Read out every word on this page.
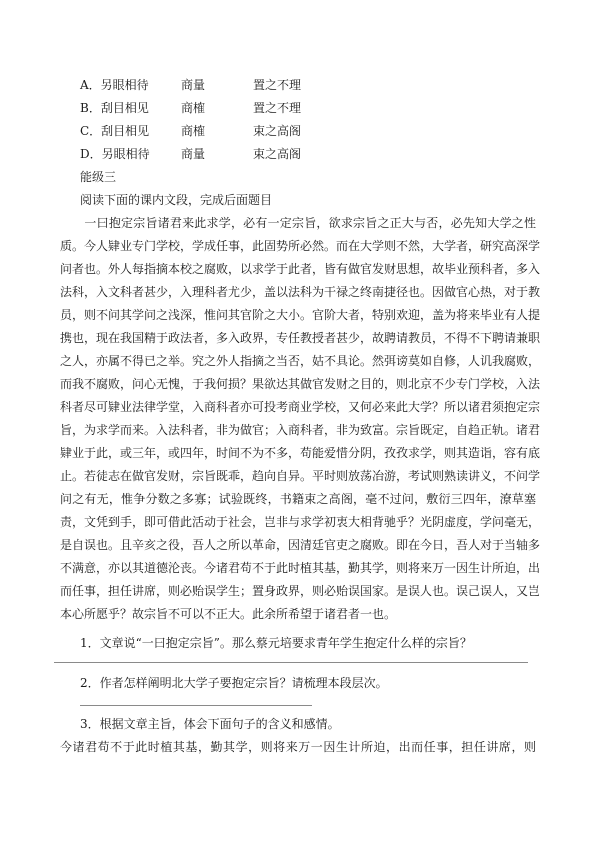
A．另眼相待	商量	置之不理
B．刮目相见	商榷	置之不理
C．刮目相见	商榷	束之高阁
D．另眼相待	商量	束之高阁
能级三
阅读下面的课内文段，完成后面题目
　　一曰抱定宗旨诸君来此求学，必有一定宗旨，欲求宗旨之正大与否，必先知大学之性
质。今人肄业专门学校，学成任事，此固势所必然。而在大学则不然，大学者，研究高深学
问者也。外人每指摘本校之腐败，以求学于此者，皆有做官发财思想，故毕业预科者，多入
法科，入文科者甚少，入理科者尤少，盖以法科为干禄之终南捷径也。因做官心热，对于教
员，则不问其学问之浅深，惟问其官阶之大小。官阶大者，特别欢迎，盖为将来毕业有人提
携也，现在我国精于政法者，多入政界，专任教授者甚少，故聘请教员，不得不下聘请兼职
之人，亦属不得已之举。究之外人指摘之当否，姑不具论。然弭谤莫如自修，人讥我腐败，
而我不腐败，问心无愧，于我何损？果欲达其做官发财之目的，则北京不少专门学校，入法
科者尽可肄业法律学堂，入商科者亦可投考商业学校，又何必来此大学？所以诸君须抱定宗
旨，为求学而来。入法科者，非为做官；入商科者，非为致富。宗旨既定，自趋正轨。诸君
肄业于此，或三年，或四年，时间不为不多，苟能爱惜分阴，孜孜求学，则其造诣，容有底
止。若徒志在做官发财，宗旨既乖，趋向自异。平时则放荡冶游，考试则熟读讲义，不问学
问之有无，惟争分数之多寡；试验既终，书籍束之高阁，毫不过问，敷衍三四年，潦草塞
责，文凭到手，即可借此活动于社会，岂非与求学初衷大相背驰乎？光阴虚度，学问毫无，
是自误也。且辛亥之役，吾人之所以革命，因清廷官吏之腐败。即在今日，吾人对于当轴多
不满意，亦以其道德沦丧。今诸君苟不于此时植其基，勤其学，则将来万一因生计所迫，出
而任事，担任讲席，则必贻误学生；置身政界，则必贻误国家。是误人也。误己误人，又岂
本心所愿乎？故宗旨不可以不正大。此余所希望于诸君者一也。
1．文章说“一曰抱定宗旨”。那么蔡元培要求青年学生抱定什么样的宗旨？
2．作者怎样阐明北大学子要抱定宗旨？请梳理本段层次。
3．根据文章主旨，体会下面句子的含义和感情。
今诸君苟不于此时植其基，勤其学，则将来万一因生计所迫，出而任事，担任讲席，则
